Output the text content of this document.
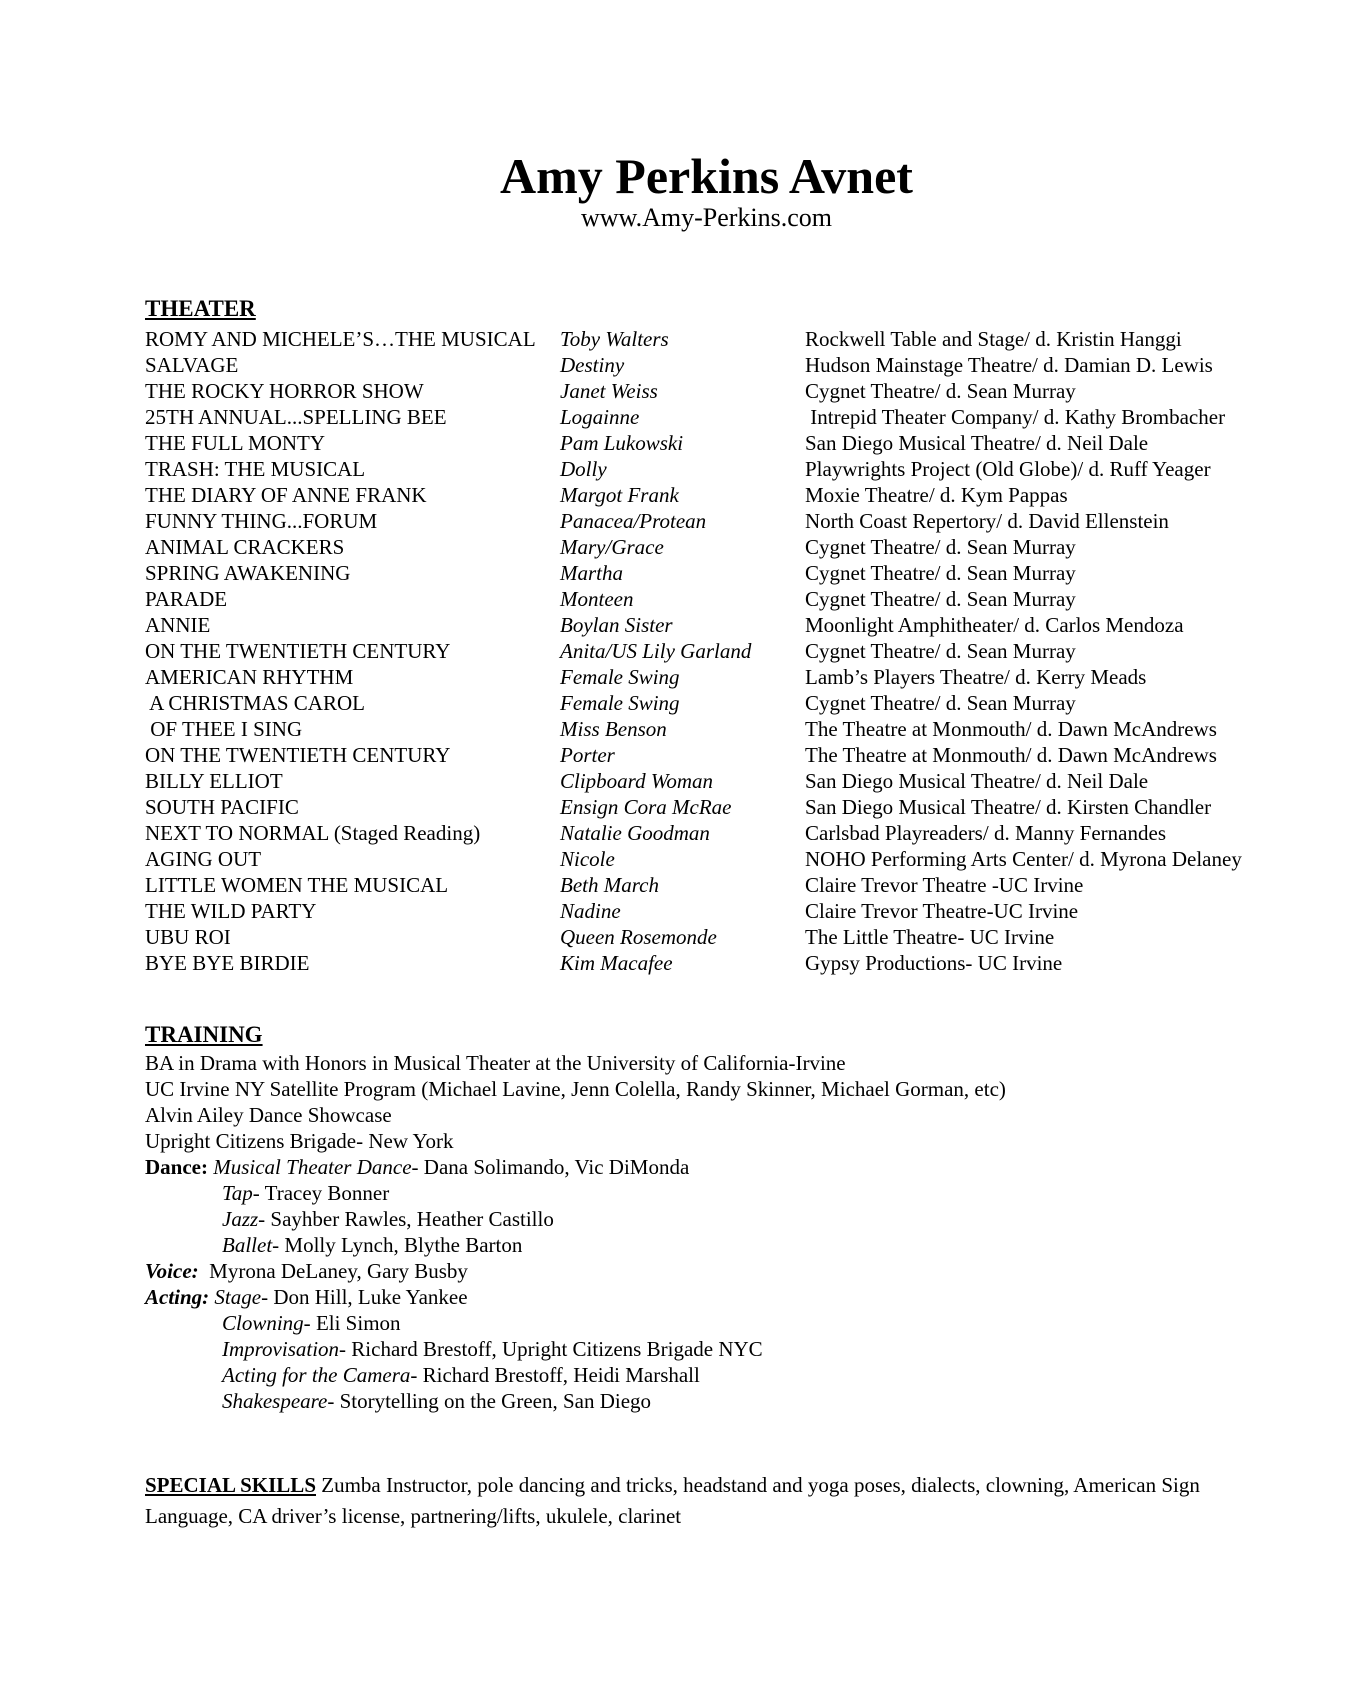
Amy Perkins Avnet
www.Amy-Perkins.com
THEATER
ROMY AND MICHELE’S…THE MUSICAL	Toby Walters	Rockwell Table and Stage/ d. Kristin Hanggi
SALVAGE	Destiny	Hudson Mainstage Theatre/ d. Damian D. Lewis
THE ROCKY HORROR SHOW	Janet Weiss	Cygnet Theatre/ d. Sean Murray
25TH ANNUAL...SPELLING BEE	Logainne	Intrepid Theater Company/ d. Kathy Brombacher
THE FULL MONTY	Pam Lukowski	San Diego Musical Theatre/ d. Neil Dale
TRASH: THE MUSICAL	Dolly	Playwrights Project (Old Globe)/ d. Ruff Yeager
THE DIARY OF ANNE FRANK	Margot Frank	Moxie Theatre/ d. Kym Pappas
FUNNY THING...FORUM	Panacea/Protean	North Coast Repertory/ d. David Ellenstein
ANIMAL CRACKERS	Mary/Grace	Cygnet Theatre/ d. Sean Murray
SPRING AWAKENING	Martha	Cygnet Theatre/ d. Sean Murray
PARADE	Monteen	Cygnet Theatre/ d. Sean Murray
ANNIE	Boylan Sister	Moonlight Amphitheater/ d. Carlos Mendoza
ON THE TWENTIETH CENTURY	Anita/US Lily Garland	Cygnet Theatre/ d. Sean Murray
AMERICAN RHYTHM	Female Swing	Lamb’s Players Theatre/ d. Kerry Meads
A CHRISTMAS CAROL	Female Swing	Cygnet Theatre/ d. Sean Murray
OF THEE I SING	Miss Benson	The Theatre at Monmouth/ d. Dawn McAndrews
ON THE TWENTIETH CENTURY	Porter	The Theatre at Monmouth/ d. Dawn McAndrews
BILLY ELLIOT	Clipboard Woman	San Diego Musical Theatre/ d. Neil Dale
SOUTH PACIFIC	Ensign Cora McRae	San Diego Musical Theatre/ d. Kirsten Chandler
NEXT TO NORMAL (Staged Reading)	Natalie Goodman	Carlsbad Playreaders/ d. Manny Fernandes
AGING OUT	Nicole	NOHO Performing Arts Center/ d. Myrona Delaney
LITTLE WOMEN THE MUSICAL	Beth March	Claire Trevor Theatre -UC Irvine
THE WILD PARTY	Nadine	Claire Trevor Theatre-UC Irvine
UBU ROI	Queen Rosemonde	The Little Theatre- UC Irvine
BYE BYE BIRDIE	Kim Macafee	Gypsy Productions- UC Irvine
TRAINING
BA in Drama with Honors in Musical Theater at the University of California-Irvine
UC Irvine NY Satellite Program (Michael Lavine, Jenn Colella, Randy Skinner, Michael Gorman, etc)
Alvin Ailey Dance Showcase
Upright Citizens Brigade- New York
Dance: Musical Theater Dance- Dana Solimando, Vic DiMonda
Tap- Tracey Bonner
Jazz- Sayhber Rawles, Heather Castillo
Ballet- Molly Lynch, Blythe Barton
Voice:  Myrona DeLaney, Gary Busby
Acting: Stage- Don Hill, Luke Yankee
Clowning- Eli Simon
Improvisation- Richard Brestoff, Upright Citizens Brigade NYC
Acting for the Camera- Richard Brestoff, Heidi Marshall
Shakespeare- Storytelling on the Green, San Diego

SPECIAL SKILLS Zumba Instructor, pole dancing and tricks, headstand and yoga poses, dialects, clowning, American Sign Language, CA driver’s license, partnering/lifts, ukulele, clarinet
